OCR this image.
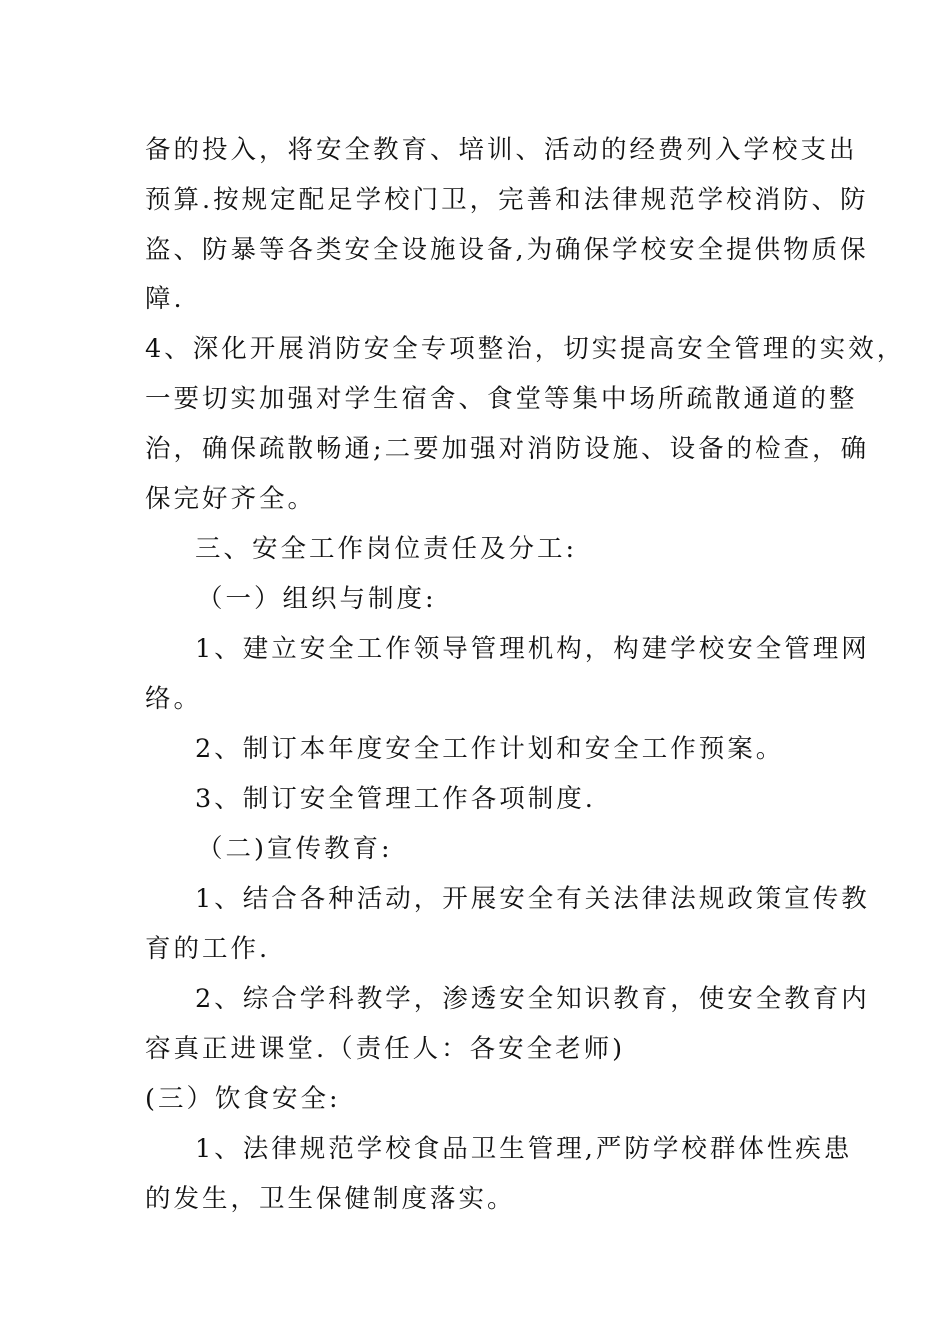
备的投入，将安全教育、培训、活动的经费列入学校支出
预算.按规定配足学校门卫，完善和法律规范学校消防、防
盗、防暴等各类安全设施设备,为确保学校安全提供物质保
障.
4、深化开展消防安全专项整治，切实提高安全管理的实效，
一要切实加强对学生宿舍、食堂等集中场所疏散通道的整
治，确保疏散畅通;二要加强对消防设施、设备的检查，确
保完好齐全。
三、安全工作岗位责任及分工:
（一）组织与制度:
1、建立安全工作领导管理机构，构建学校安全管理网
络。
2、制订本年度安全工作计划和安全工作预案。
3、制订安全管理工作各项制度.
（二)宣传教育:
1、结合各种活动，开展安全有关法律法规政策宣传教
育的工作.
2、综合学科教学，渗透安全知识教育，使安全教育内
容真正进课堂.（责任人：各安全老师)
(三）饮食安全:
1、法律规范学校食品卫生管理,严防学校群体性疾患
的发生，卫生保健制度落实。
